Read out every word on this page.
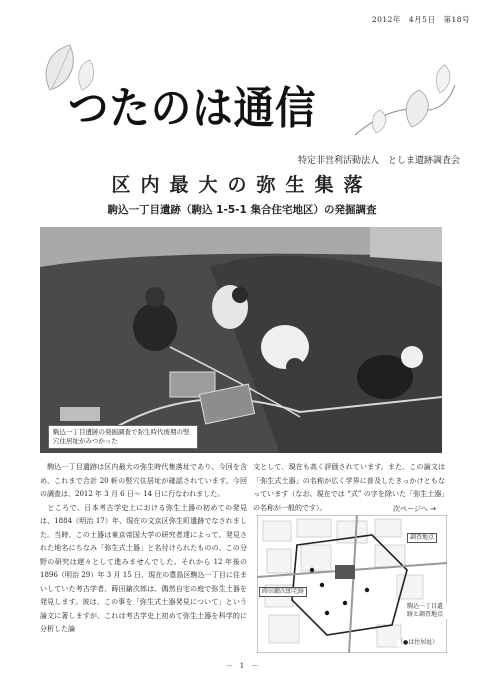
2012年　4月5日　第18号
つたのは通信
特定非営利活動法人　としま遺跡調査会
区内最大の弥生集落
駒込一丁目遺跡（駒込 1-5-1 集合住宅地区）の発掘調査
駒込一丁目遺跡の発掘調査で弥生時代後期の竪穴住居址がみつかった
　駒込一丁目遺跡は区内最大の弥生時代集落址であり、今回を含め、これまで合計 20 軒の竪穴住居址が確認されています。今回の調査は、2012 年 3 月 6 日～ 14 日に行なわれました。
　ところで、日本考古学史上における弥生土器の初めての発見は、1884（明治 17）年、現在の文京区弥生町遺跡でなされました。当時、この土器は東京帝国大学の研究者達によって、発見された地名にちなみ「弥生式土器」と名付けられたものの、この分野の研究は遅々として進みませんでした。それから 12 年後の 1896（明治 29）年 3 月 15 日、現在の豊島区駒込一丁目に住まいしていた考古学者、蒔田鎗次郎は、偶然自宅の庭で弥生土器を発見します。彼は、この事を「弥生式土器発見について」という論文に著しますが、これは考古学史上初めて弥生土器を科学的に分析した論
文として、現在も高く評価されています。また、この論文は「弥生式土器」の名称が広く学界に普及したきっかけともなっています（なお、現在では “式” の字を除いた「弥生土器」の名称が一般的です）。	次ページへ →
調査地点
蒔田鎗次郎宅跡
駒込一丁目遺跡と調査地点
（●は住居址）
－　1　－
